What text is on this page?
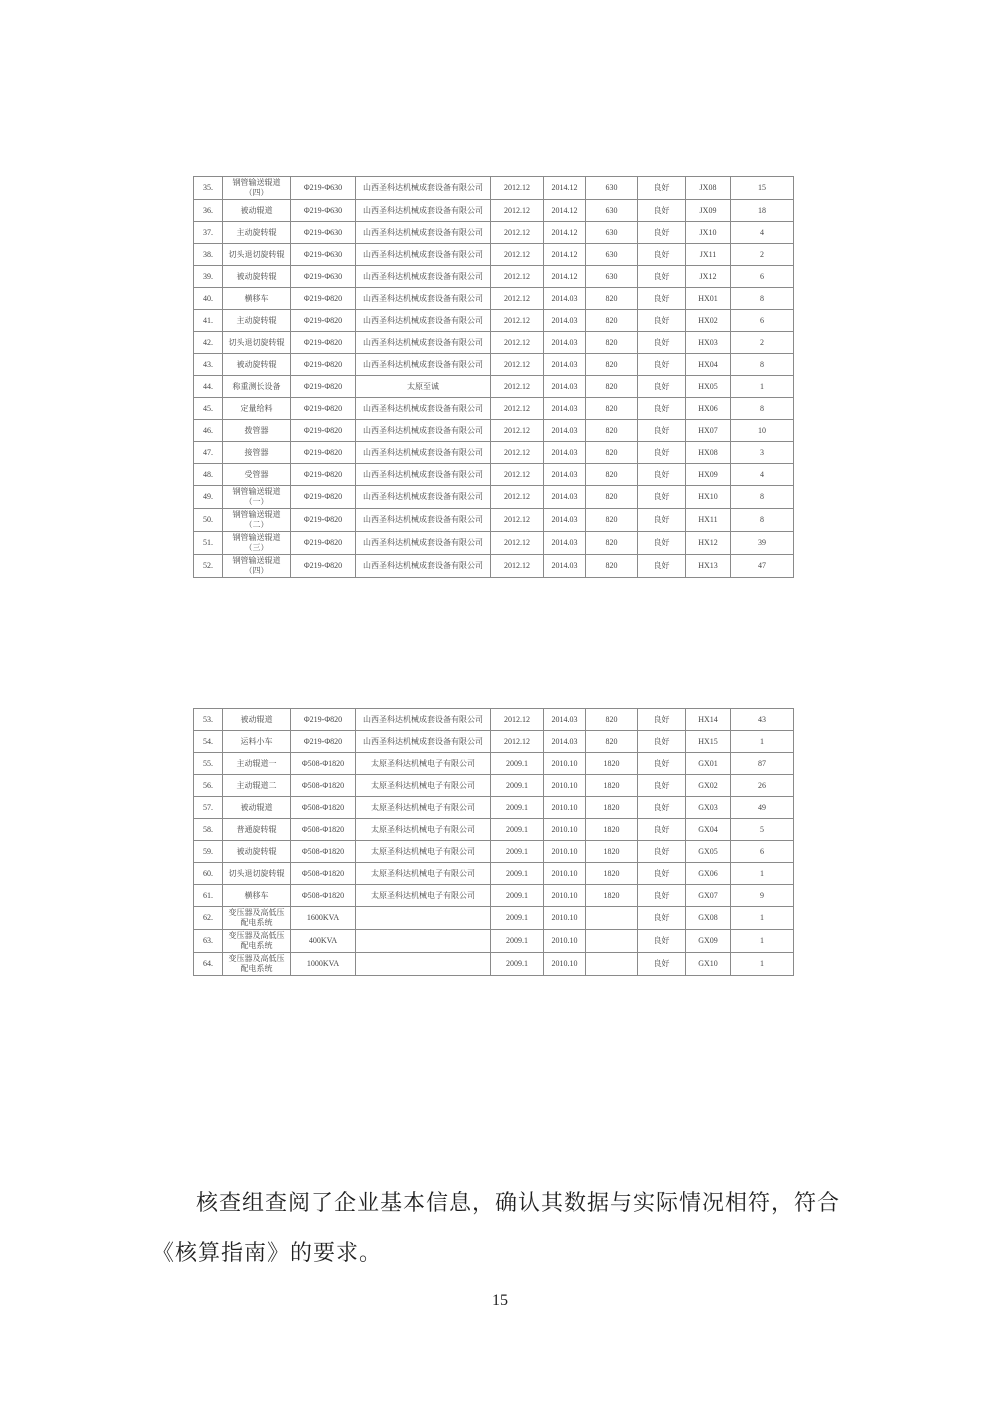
35.	钢管输送辊道（四）	Φ219-Φ630	山西圣科达机械成套设备有限公司	2012.12	2014.12	630	良好	JX08	15
36.	被动辊道	Φ219-Φ630	山西圣科达机械成套设备有限公司	2012.12	2014.12	630	良好	JX09	18
37.	主动旋转辊	Φ219-Φ630	山西圣科达机械成套设备有限公司	2012.12	2014.12	630	良好	JX10	4
38.	切头退切旋转辊	Φ219-Φ630	山西圣科达机械成套设备有限公司	2012.12	2014.12	630	良好	JX11	2
39.	被动旋转辊	Φ219-Φ630	山西圣科达机械成套设备有限公司	2012.12	2014.12	630	良好	JX12	6
40.	横移车	Φ219-Φ820	山西圣科达机械成套设备有限公司	2012.12	2014.03	820	良好	HX01	8
41.	主动旋转辊	Φ219-Φ820	山西圣科达机械成套设备有限公司	2012.12	2014.03	820	良好	HX02	6
42.	切头退切旋转辊	Φ219-Φ820	山西圣科达机械成套设备有限公司	2012.12	2014.03	820	良好	HX03	2
43.	被动旋转辊	Φ219-Φ820	山西圣科达机械成套设备有限公司	2012.12	2014.03	820	良好	HX04	8
44.	称重测长设备	Φ219-Φ820	太原至诚	2012.12	2014.03	820	良好	HX05	1
45.	定量给料	Φ219-Φ820	山西圣科达机械成套设备有限公司	2012.12	2014.03	820	良好	HX06	8
46.	拨管器	Φ219-Φ820	山西圣科达机械成套设备有限公司	2012.12	2014.03	820	良好	HX07	10
47.	接管器	Φ219-Φ820	山西圣科达机械成套设备有限公司	2012.12	2014.03	820	良好	HX08	3
48.	受管器	Φ219-Φ820	山西圣科达机械成套设备有限公司	2012.12	2014.03	820	良好	HX09	4
49.	钢管输送辊道（一）	Φ219-Φ820	山西圣科达机械成套设备有限公司	2012.12	2014.03	820	良好	HX10	8
50.	钢管输送辊道（二）	Φ219-Φ820	山西圣科达机械成套设备有限公司	2012.12	2014.03	820	良好	HX11	8
51.	钢管输送辊道（三）	Φ219-Φ820	山西圣科达机械成套设备有限公司	2012.12	2014.03	820	良好	HX12	39
52.	钢管输送辊道（四）	Φ219-Φ820	山西圣科达机械成套设备有限公司	2012.12	2014.03	820	良好	HX13	47
53.	被动辊道	Φ219-Φ820	山西圣科达机械成套设备有限公司	2012.12	2014.03	820	良好	HX14	43
54.	运料小车	Φ219-Φ820	山西圣科达机械成套设备有限公司	2012.12	2014.03	820	良好	HX15	1
55.	主动辊道一	Φ508-Φ1820	太原圣科达机械电子有限公司	2009.1	2010.10	1820	良好	GX01	87
56.	主动辊道二	Φ508-Φ1820	太原圣科达机械电子有限公司	2009.1	2010.10	1820	良好	GX02	26
57.	被动辊道	Φ508-Φ1820	太原圣科达机械电子有限公司	2009.1	2010.10	1820	良好	GX03	49
58.	普通旋转辊	Φ508-Φ1820	太原圣科达机械电子有限公司	2009.1	2010.10	1820	良好	GX04	5
59.	被动旋转辊	Φ508-Φ1820	太原圣科达机械电子有限公司	2009.1	2010.10	1820	良好	GX05	6
60.	切头退切旋转辊	Φ508-Φ1820	太原圣科达机械电子有限公司	2009.1	2010.10	1820	良好	GX06	1
61.	横移车	Φ508-Φ1820	太原圣科达机械电子有限公司	2009.1	2010.10	1820	良好	GX07	9
62.	变压器及高低压配电系统	1600KVA		2009.1	2010.10		良好	GX08	1
63.	变压器及高低压配电系统	400KVA		2009.1	2010.10		良好	GX09	1
64.	变压器及高低压配电系统	1000KVA		2009.1	2010.10		良好	GX10	1
核查组查阅了企业基本信息，确认其数据与实际情况相符，符合
《核算指南》的要求。
15
